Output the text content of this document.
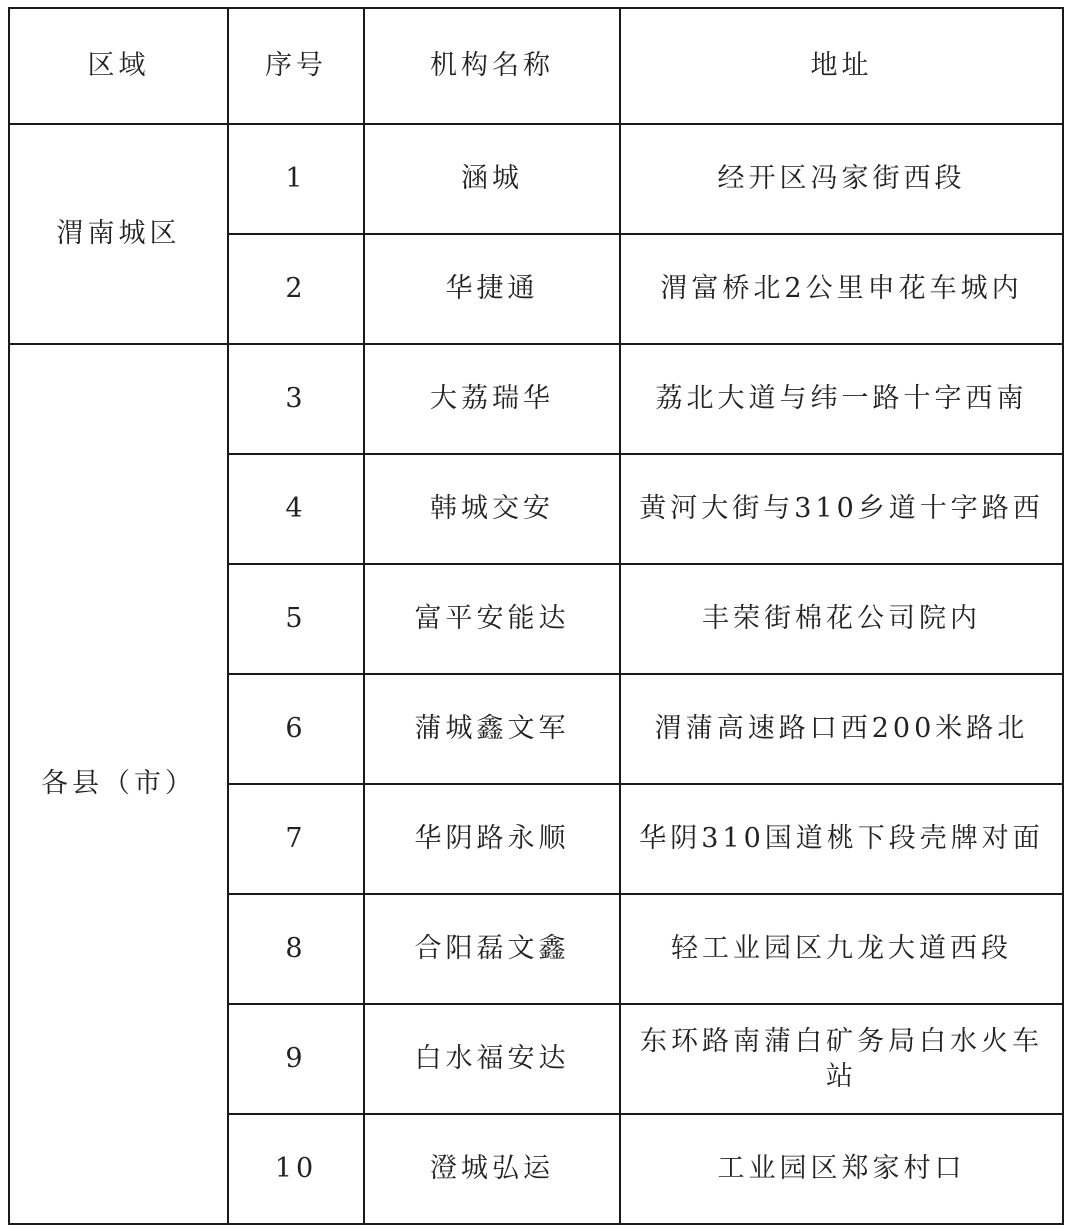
区域	序号	机构名称	地址
渭南城区	1	涵城	经开区冯家街西段
	2	华捷通	渭富桥北2公里申花车城内
各县（市）	3	大荔瑞华	荔北大道与纬一路十字西南
	4	韩城交安	黄河大街与310乡道十字路西
	5	富平安能达	丰荣街棉花公司院内
	6	蒲城鑫文军	渭蒲高速路口西200米路北
	7	华阴路永顺	华阴310国道桃下段壳牌对面
	8	合阳磊文鑫	轻工业园区九龙大道西段
	9	白水福安达	东环路南蒲白矿务局白水火车站
	10	澄城弘运	工业园区郑家村口
